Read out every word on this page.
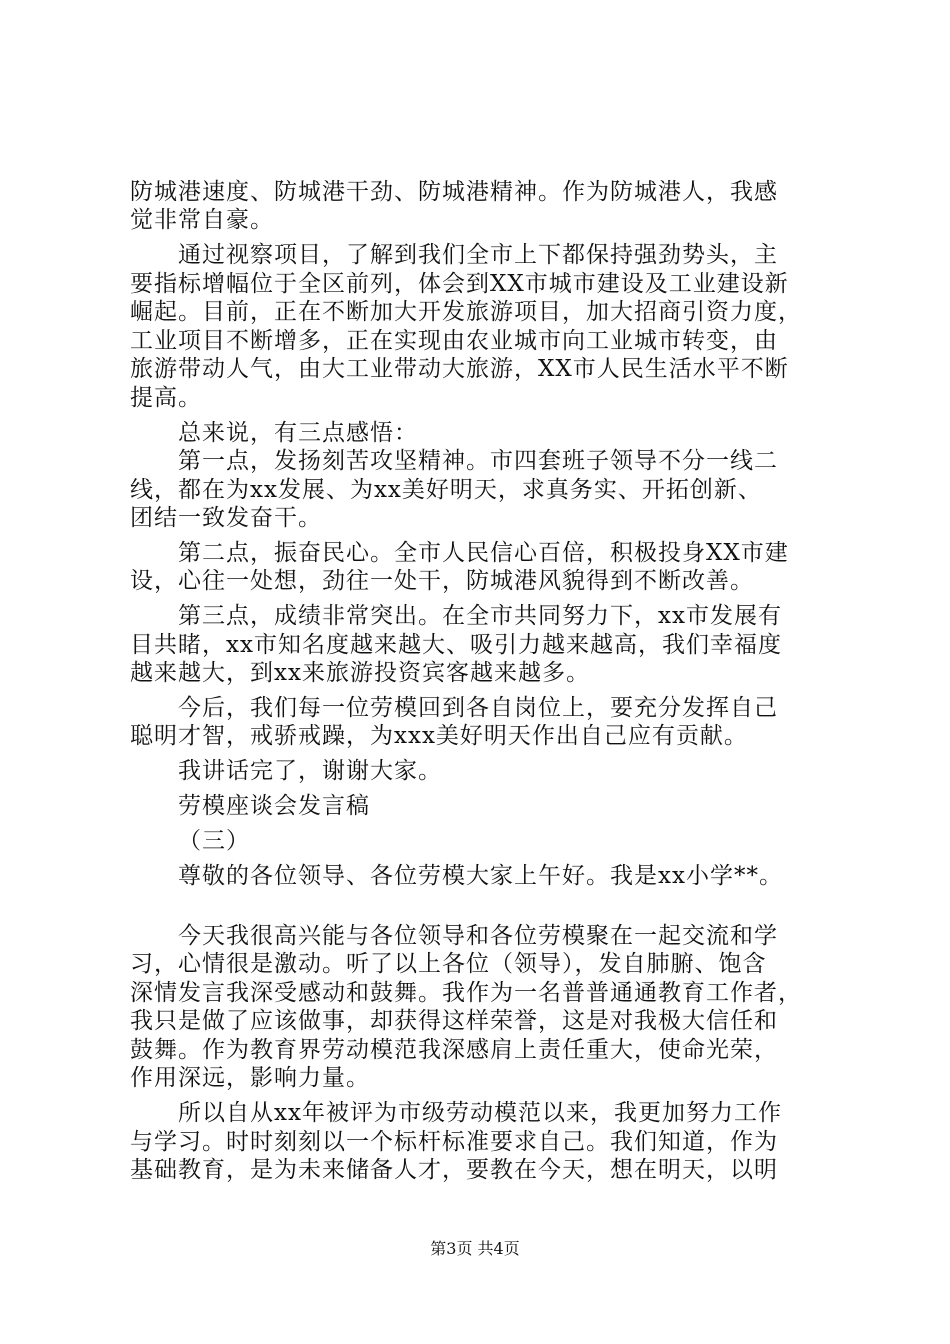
防城港速度、防城港干劲、防城港精神。作为防城港人，我感
觉非常自豪。
通过视察项目，了解到我们全市上下都保持强劲势头，主
要指标增幅位于全区前列，体会到XX市城市建设及工业建设新
崛起。目前，正在不断加大开发旅游项目，加大招商引资力度，
工业项目不断增多，正在实现由农业城市向工业城市转变，由
旅游带动人气，由大工业带动大旅游，XX市人民生活水平不断
提高。
总来说，有三点感悟：
第一点，发扬刻苦攻坚精神。市四套班子领导不分一线二
线，都在为xx发展、为xx美好明天，求真务实、开拓创新、
团结一致发奋干。
第二点，振奋民心。全市人民信心百倍，积极投身XX市建
设，心往一处想，劲往一处干，防城港风貌得到不断改善。
第三点，成绩非常突出。在全市共同努力下，xx市发展有
目共睹，xx市知名度越来越大、吸引力越来越高，我们幸福度
越来越大，到xx来旅游投资宾客越来越多。
今后，我们每一位劳模回到各自岗位上，要充分发挥自己
聪明才智，戒骄戒躁，为xxx美好明天作出自己应有贡献。
我讲话完了，谢谢大家。
劳模座谈会发言稿
（三）
尊敬的各位领导、各位劳模大家上午好。我是xx小学**。
今天我很高兴能与各位领导和各位劳模聚在一起交流和学
习，心情很是激动。听了以上各位（领导），发自肺腑、饱含
深情发言我深受感动和鼓舞。我作为一名普普通通教育工作者，
我只是做了应该做事，却获得这样荣誉，这是对我极大信任和
鼓舞。作为教育界劳动模范我深感肩上责任重大，使命光荣，
作用深远，影响力量。
所以自从xx年被评为市级劳动模范以来，我更加努力工作
与学习。时时刻刻以一个标杆标准要求自己。我们知道，作为
基础教育，是为未来储备人才，要教在今天，想在明天，以明
第3页 共4页
